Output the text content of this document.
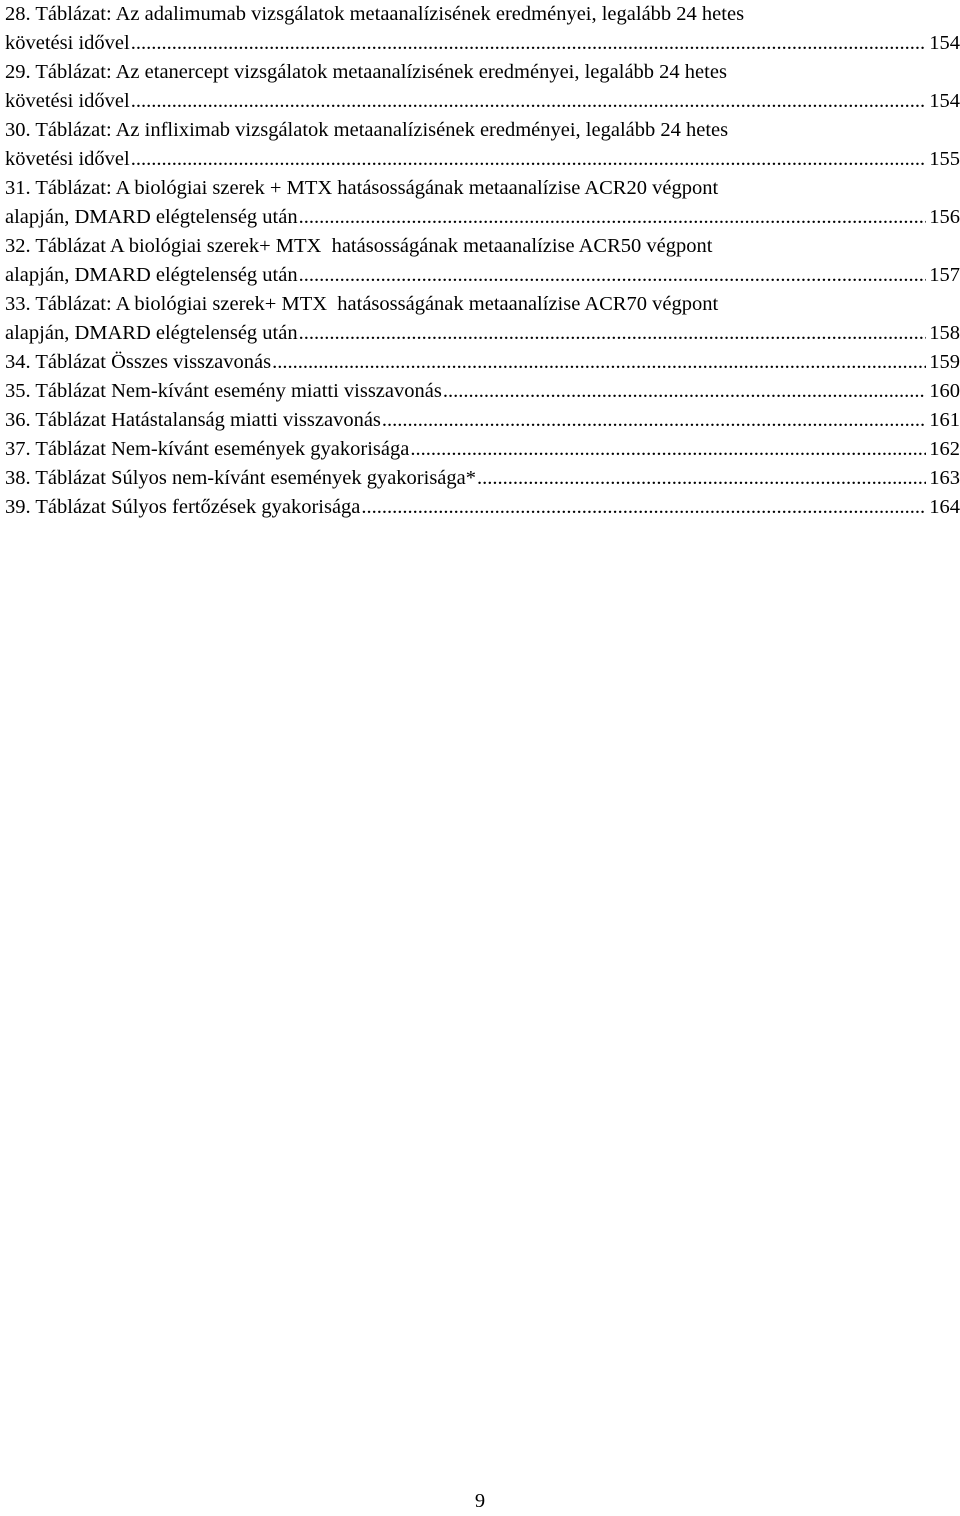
28. Táblázat: Az adalimumab vizsgálatok metaanalízisének eredményei, legalább 24 hetes
követési idővel .....	154
29. Táblázat: Az etanercept vizsgálatok metaanalízisének eredményei, legalább 24 hetes
követési idővel .....	154
30. Táblázat: Az infliximab vizsgálatok metaanalízisének eredményei, legalább 24 hetes
követési idővel .....	155
31. Táblázat: A biológiai szerek + MTX hatásosságának metaanalízise ACR20 végpont
alapján, DMARD elégtelenség után .....	156
32. Táblázat A biológiai szerek+ MTX  hatásosságának metaanalízise ACR50 végpont
alapján, DMARD elégtelenség után .....	157
33. Táblázat: A biológiai szerek+ MTX  hatásosságának metaanalízise ACR70 végpont
alapján, DMARD elégtelenség után .....	158
34. Táblázat Összes visszavonás .....	159
35. Táblázat Nem-kívánt esemény miatti visszavonás .....	160
36. Táblázat Hatástalanság miatti visszavonás .....	161
37. Táblázat Nem-kívánt események gyakorisága .....	162
38. Táblázat Súlyos nem-kívánt események gyakorisága* .....	163
39. Táblázat Súlyos fertőzések gyakorisága .....	164
9
